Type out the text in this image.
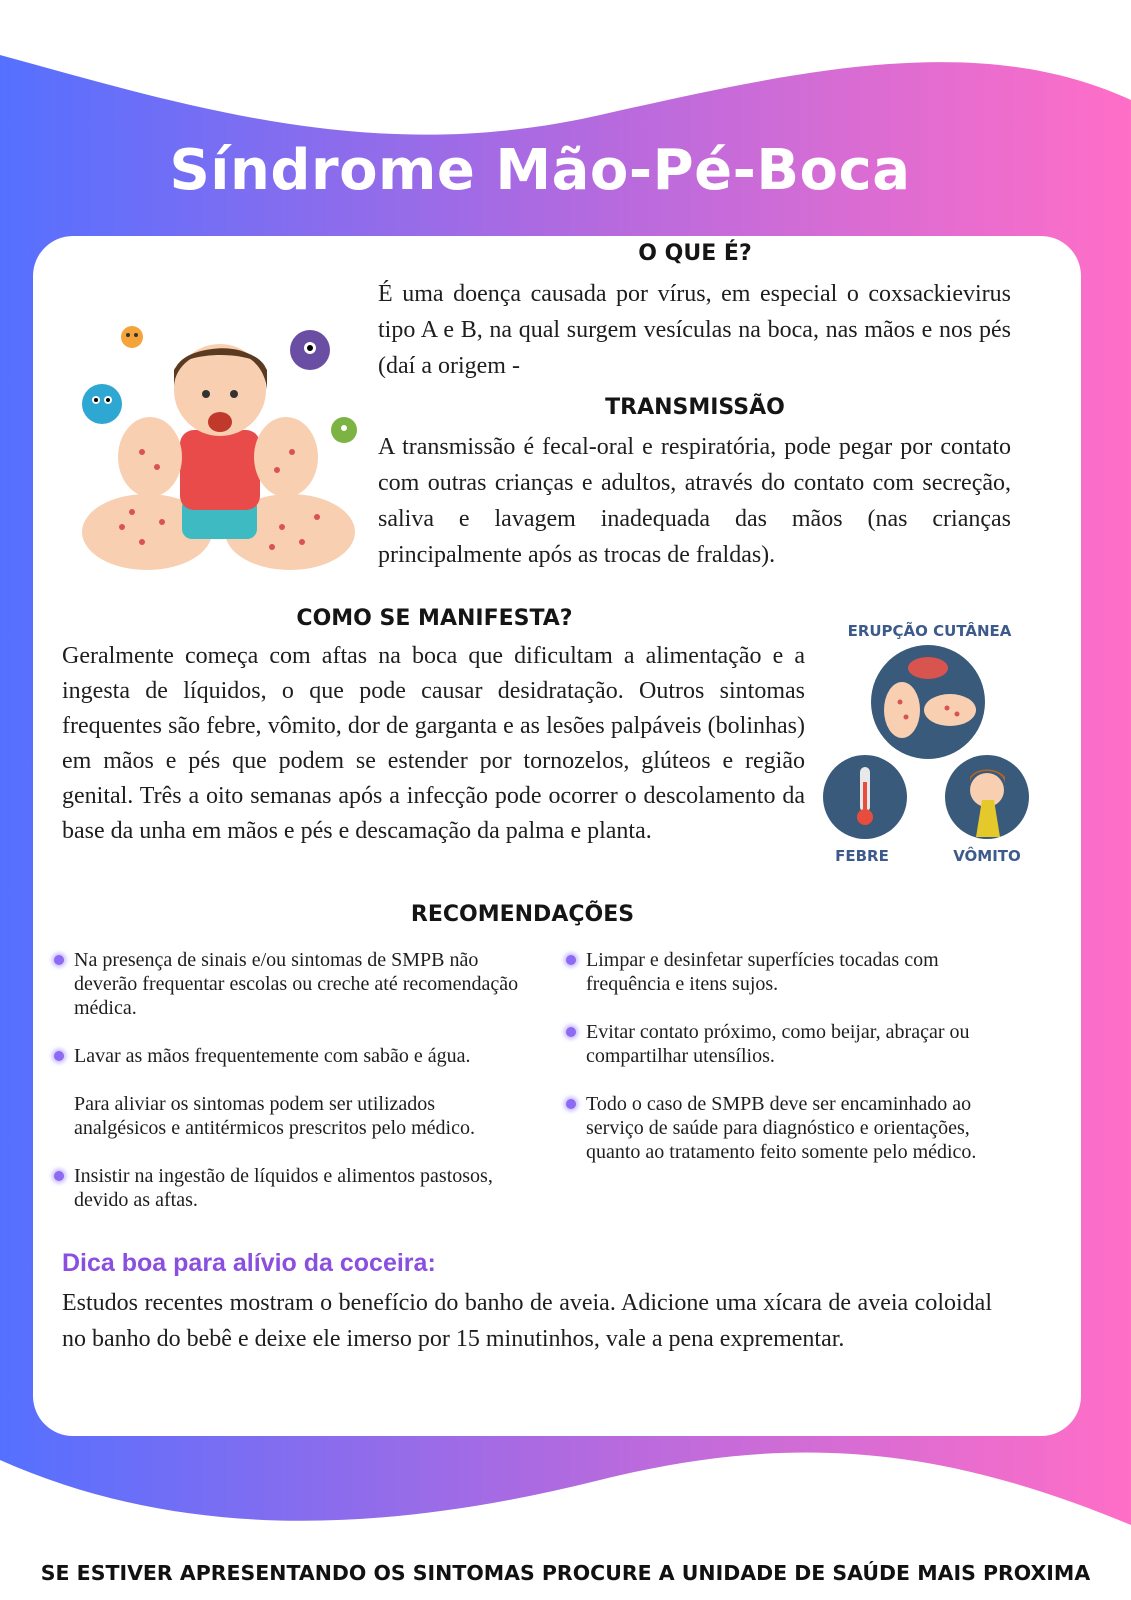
Síndrome Mão-Pé-Boca
O QUE É?
É uma doença causada por vírus, em especial o coxsackievirus tipo A e B, na qual surgem vesículas na boca, nas mãos e nos pés (daí a origem -
TRANSMISSÃO
A transmissão é fecal-oral e respiratória, pode pegar por contato com outras crianças e adultos, através do contato com secreção, saliva e lavagem inadequada das mãos (nas crianças principalmente após as trocas de fraldas).
COMO SE MANIFESTA?
Geralmente começa com aftas na boca que dificultam a alimentação e a ingesta de líquidos, o que pode causar desidratação. Outros sintomas frequentes são febre, vômito, dor de garganta e as lesões palpáveis (bolinhas) em mãos e pés que podem se estender por tornozelos, glúteos e região genital. Três a oito semanas após a infecção pode ocorrer o descolamento da base da unha em mãos e pés e descamação da palma e planta.
ERUPÇÃO CUTÂNEA
FEBRE	VÔMITO
RECOMENDAÇÕES
Na presença de sinais e/ou sintomas de SMPB não deverão frequentar escolas ou creche até recomendação médica.
Lavar as mãos frequentemente com sabão e água.
Para aliviar os sintomas podem ser utilizados analgésicos e antitérmicos prescritos pelo médico.
Insistir na ingestão de líquidos e alimentos pastosos, devido as aftas.
Limpar e desinfetar superfícies tocadas com frequência e itens sujos.
Evitar contato próximo, como beijar, abraçar ou compartilhar utensílios.
Todo o caso de SMPB deve ser encaminhado ao serviço de saúde para diagnóstico e orientações, quanto ao tratamento feito somente pelo médico.
Dica boa para alívio da coceira:
Estudos recentes mostram o benefício do banho de aveia. Adicione uma xícara de aveia coloidal no banho do bebê e deixe ele imerso por 15 minutinhos, vale a pena exprementar.
SE ESTIVER APRESENTANDO OS SINTOMAS PROCURE A UNIDADE DE SAÚDE MAIS PROXIMA
